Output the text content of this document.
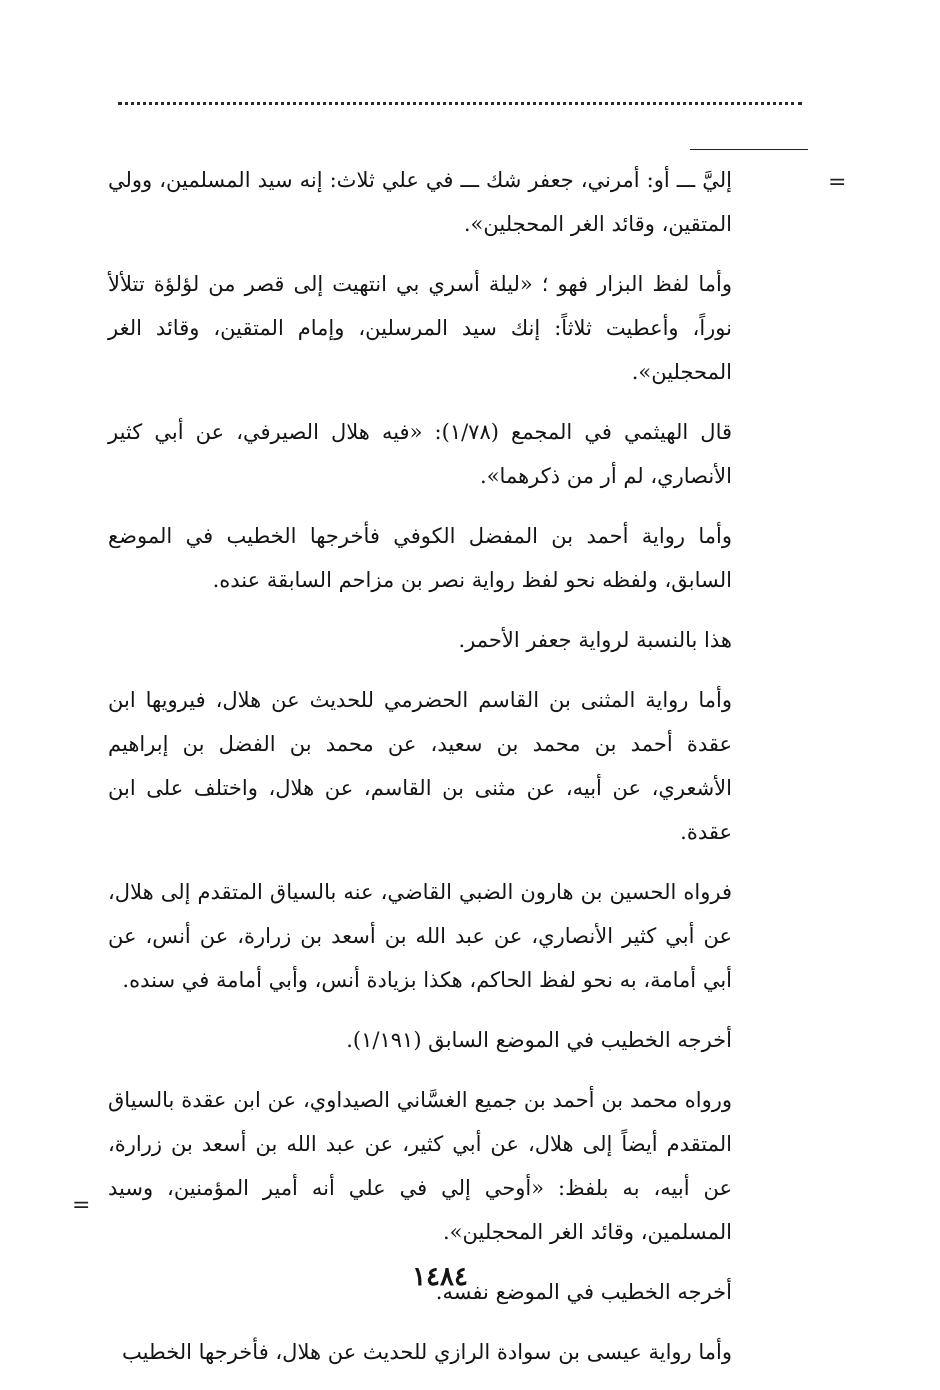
=

إليَّ ـــ أو: أمرني، جعفر شك ـــ في علي ثلاث: إنه سيد المسلمين، وولي المتقين، وقائد الغر المحجلين».

وأما لفظ البزار فهو ؛ «ليلة أسري بي انتهيت إلى قصر من لؤلؤة تتلألأ نوراً، وأعطيت ثلاثاً: إنك سيد المرسلين، وإمام المتقين، وقائد الغر المحجلين».

قال الهيثمي في المجمع (١/٧٨): «فيه هلال الصيرفي، عن أبي كثير الأنصاري، لم أر من ذكرهما».

وأما رواية أحمد بن المفضل الكوفي فأخرجها الخطيب في الموضع السابق، ولفظه نحو لفظ رواية نصر بن مزاحم السابقة عنده.

هذا بالنسبة لرواية جعفر الأحمر.

وأما رواية المثنى بن القاسم الحضرمي للحديث عن هلال، فيرويها ابن عقدة أحمد بن محمد بن سعيد، عن محمد بن الفضل بن إبراهيم الأشعري، عن أبيه، عن مثنى بن القاسم، عن هلال، واختلف على ابن عقدة.

فرواه الحسين بن هارون الضبي القاضي، عنه بالسياق المتقدم إلى هلال، عن أبي كثير الأنصاري، عن عبد الله بن أسعد بن زرارة، عن أنس، عن أبي أمامة، به نحو لفظ الحاكم، هكذا بزيادة أنس، وأبي أمامة في سنده.

أخرجه الخطيب في الموضع السابق (١/١٩١).

ورواه محمد بن أحمد بن جميع الغسَّاني الصيداوي، عن ابن عقدة بالسياق المتقدم أيضاً إلى هلال، عن أبي كثير، عن عبد الله بن أسعد بن زرارة، عن أبيه، به بلفظ: «أوحي إلي في علي أنه أمير المؤمنين، وسيد المسلمين، وقائد الغر المحجلين».

أخرجه الخطيب في الموضع نفسه.

وأما رواية عيسى بن سوادة الرازي للحديث عن هلال، فأخرجها الخطيب

=
١٤٨٤
